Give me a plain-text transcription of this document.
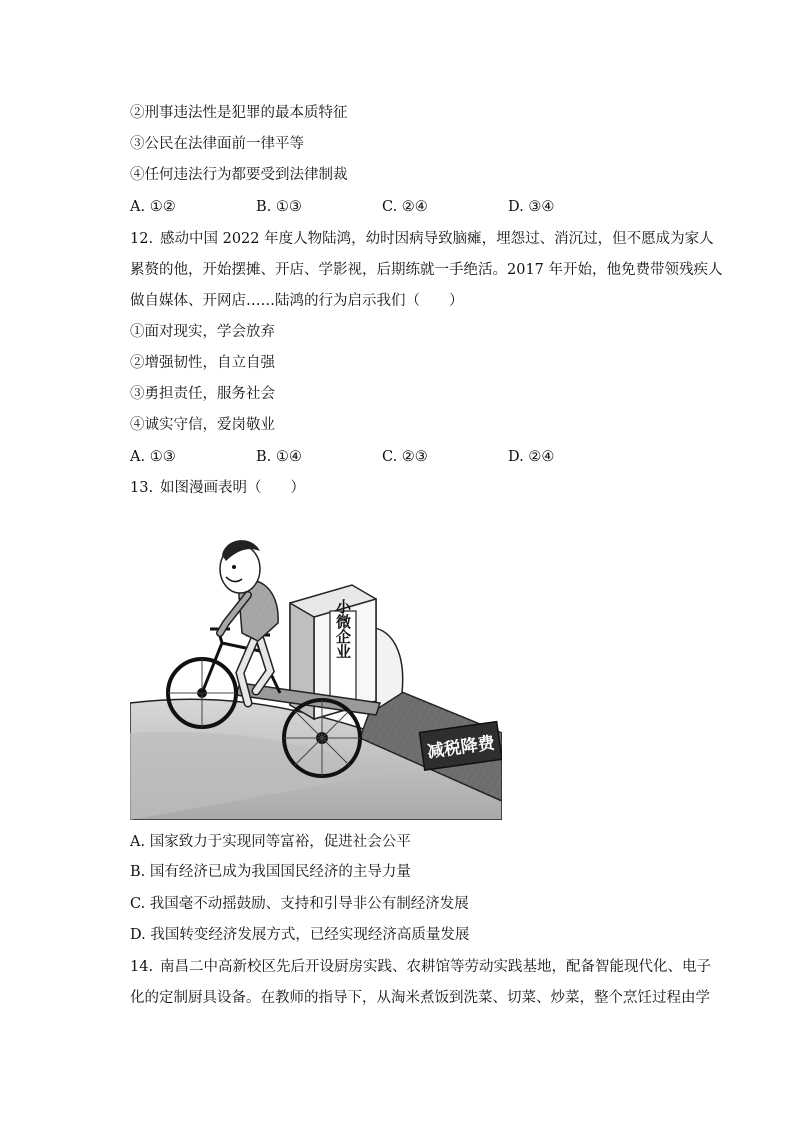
②刑事违法性是犯罪的最本质特征
③公民在法律面前一律平等
④任何违法行为都要受到法律制裁
A. ①②	B. ①③	C. ②④	D. ③④
12. 感动中国 2022 年度人物陆鸿，幼时因病导致脑瘫，埋怨过、消沉过，但不愿成为家人
累赘的他，开始摆摊、开店、学影视，后期练就一手绝活。2017 年开始，他免费带领残疾人
做自媒体、开网店……陆鸿的行为启示我们（　　）
①面对现实，学会放弃
②增强韧性，自立自强
③勇担责任，服务社会
④诚实守信，爱岗敬业
A. ①③	B. ①④	C. ②③	D. ②④
13. 如图漫画表明（　　）
减税降费
小微企业
A. 国家致力于实现同等富裕，促进社会公平
B. 国有经济已成为我国国民经济的主导力量
C. 我国毫不动摇鼓励、支持和引导非公有制经济发展
D. 我国转变经济发展方式，已经实现经济高质量发展
14. 南昌二中高新校区先后开设厨房实践、农耕馆等劳动实践基地，配备智能现代化、电子
化的定制厨具设备。在教师的指导下，从淘米煮饭到洗菜、切菜、炒菜，整个烹饪过程由学
